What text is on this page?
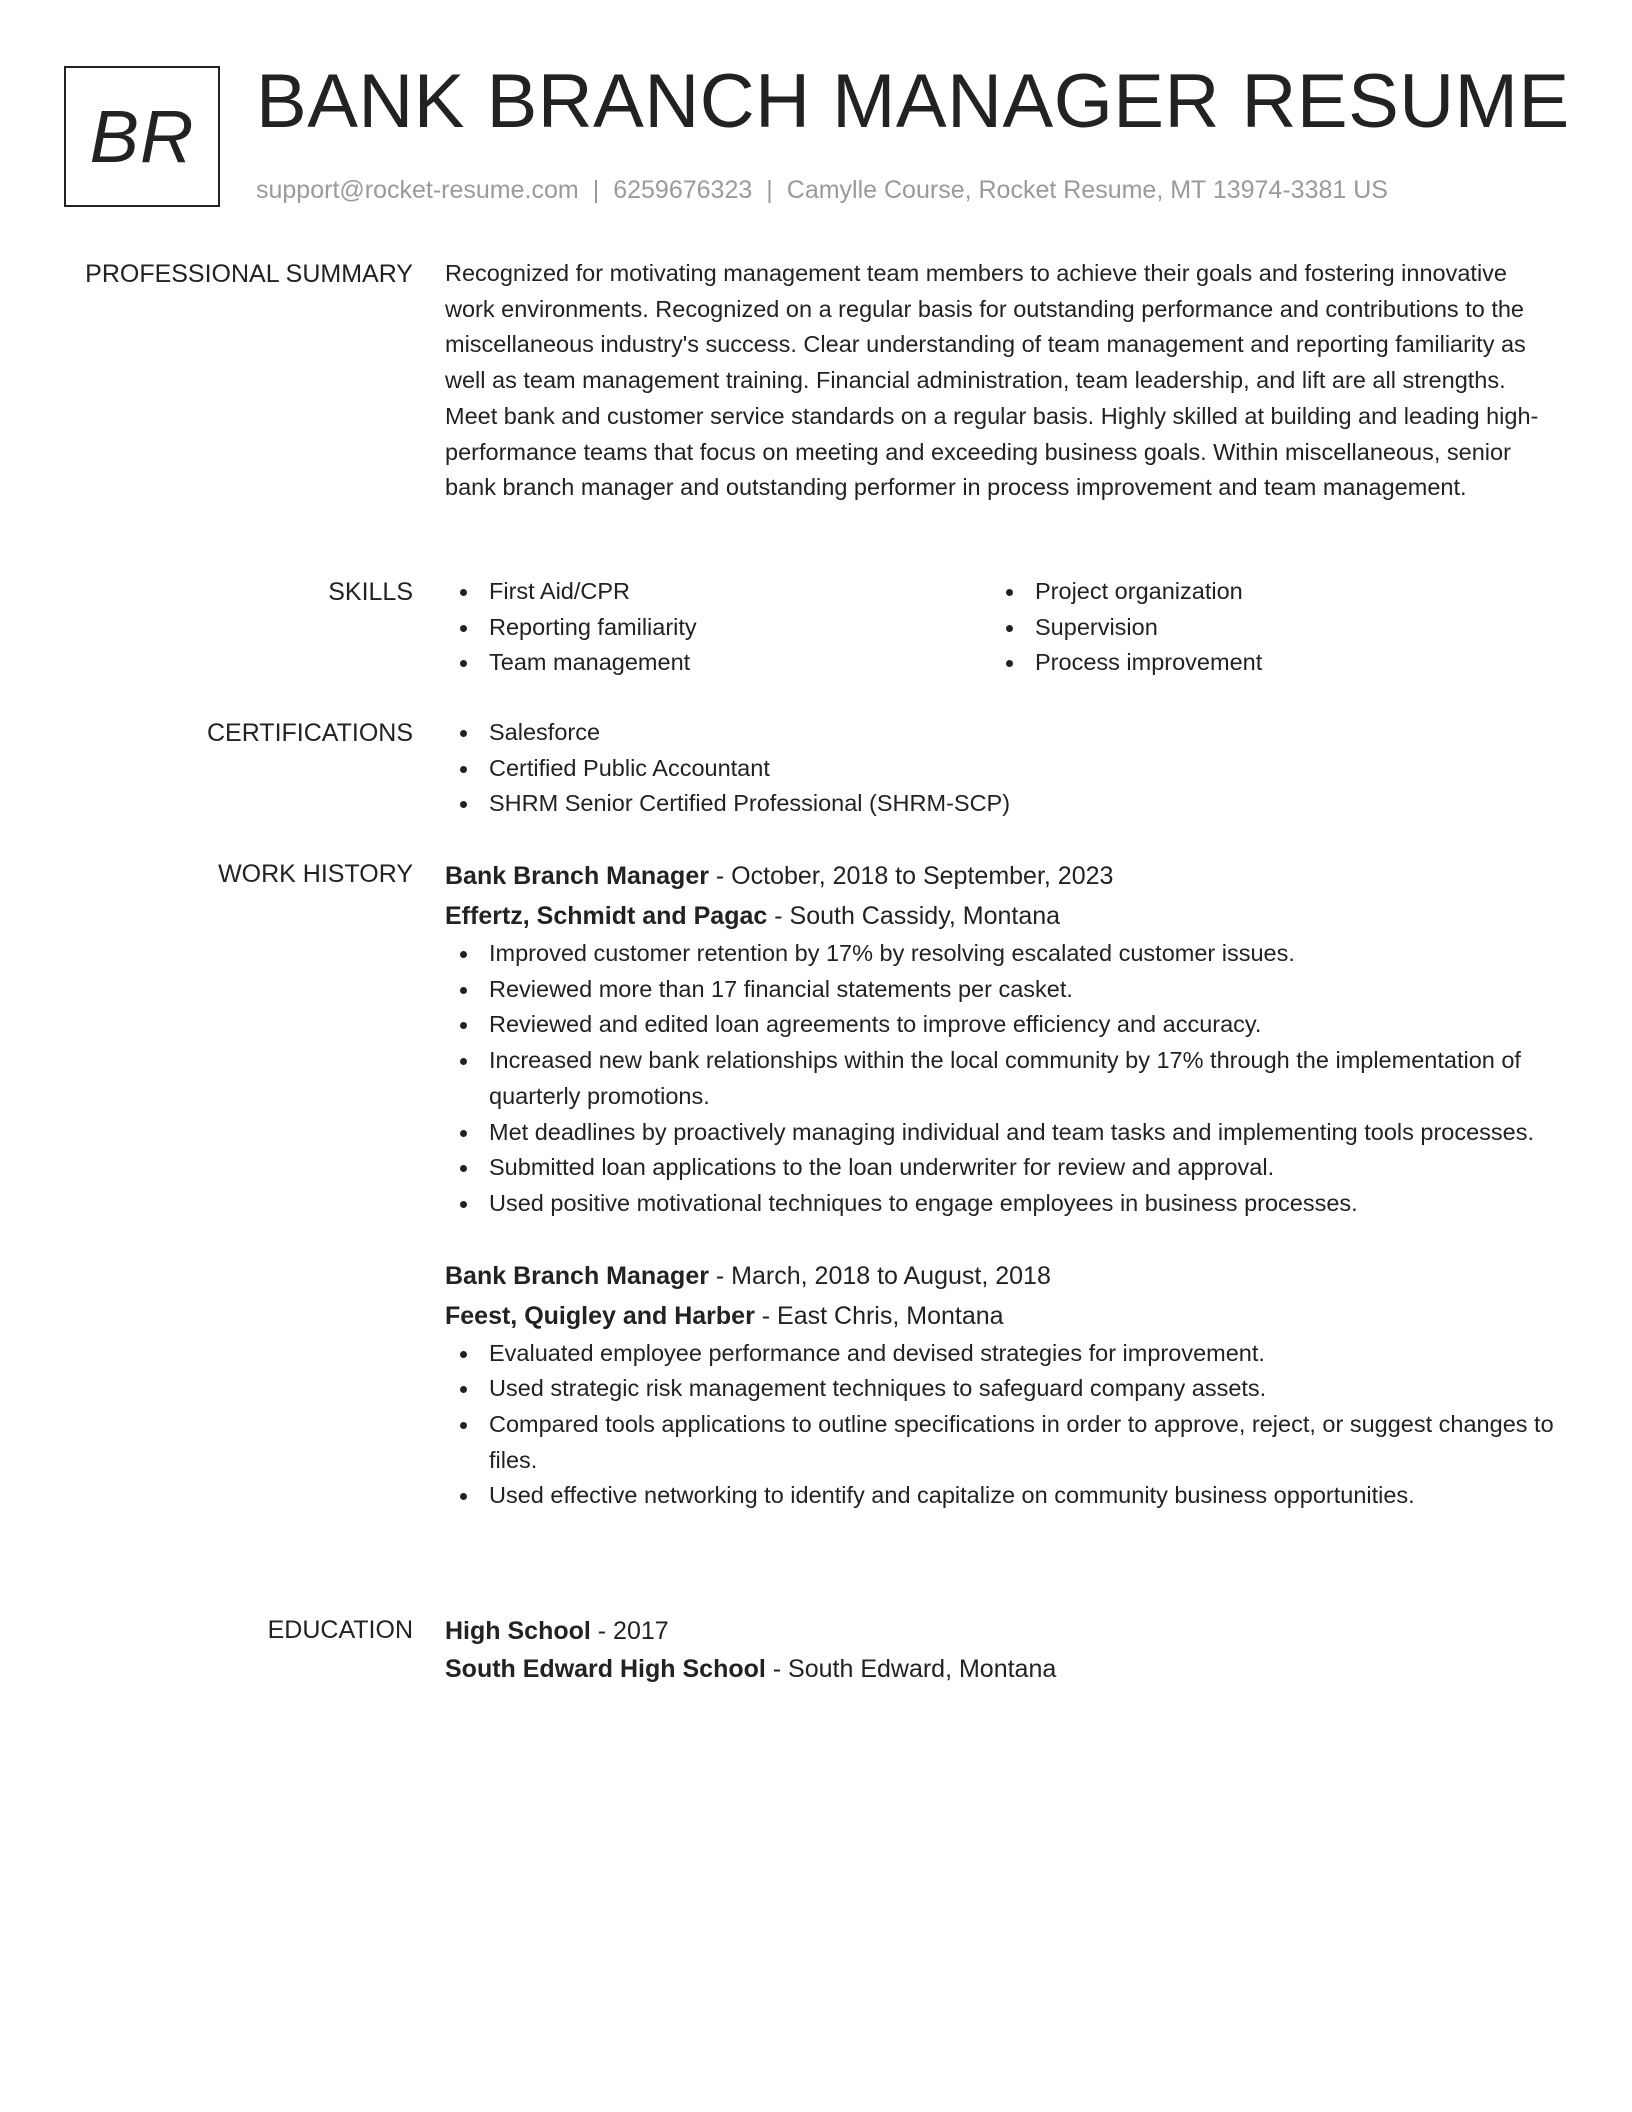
BR BANK BRANCH MANAGER RESUME
support@rocket-resume.com | 6259676323 | Camylle Course, Rocket Resume, MT 13974-3381 US
PROFESSIONAL SUMMARY Recognized for motivating management team members to achieve their goals and fostering innovative work environments. Recognized on a regular basis for outstanding performance and contributions to the miscellaneous industry's success. Clear understanding of team management and reporting familiarity as well as team management training. Financial administration, team leadership, and lift are all strengths. Meet bank and customer service standards on a regular basis. Highly skilled at building and leading high-performance teams that focus on meeting and exceeding business goals. Within miscellaneous, senior bank branch manager and outstanding performer in process improvement and team management.

SKILLS	First Aid/CPR
Reporting familiarity
Team management
Project organization
Supervision
Process improvement
CERTIFICATIONS	Salesforce
Certified Public Accountant
SHRM Senior Certified Professional (SHRM-SCP)
WORK HISTORY Bank Branch Manager - October, 2018 to September, 2023
Effertz, Schmidt and Pagac - South Cassidy, Montana
Improved customer retention by 17% by resolving escalated customer issues.
Reviewed more than 17 financial statements per casket.
Reviewed and edited loan agreements to improve efficiency and accuracy.
Increased new bank relationships within the local community by 17% through the implementation of quarterly promotions.
Met deadlines by proactively managing individual and team tasks and implementing tools processes.
Submitted loan applications to the loan underwriter for review and approval.
Used positive motivational techniques to engage employees in business processes.
Bank Branch Manager - March, 2018 to August, 2018
Feest, Quigley and Harber - East Chris, Montana
Evaluated employee performance and devised strategies for improvement.
Used strategic risk management techniques to safeguard company assets.
Compared tools applications to outline specifications in order to approve, reject, or suggest changes to files.
Used effective networking to identify and capitalize on community business opportunities.
EDUCATION High School - 2017
South Edward High School - South Edward, Montana
